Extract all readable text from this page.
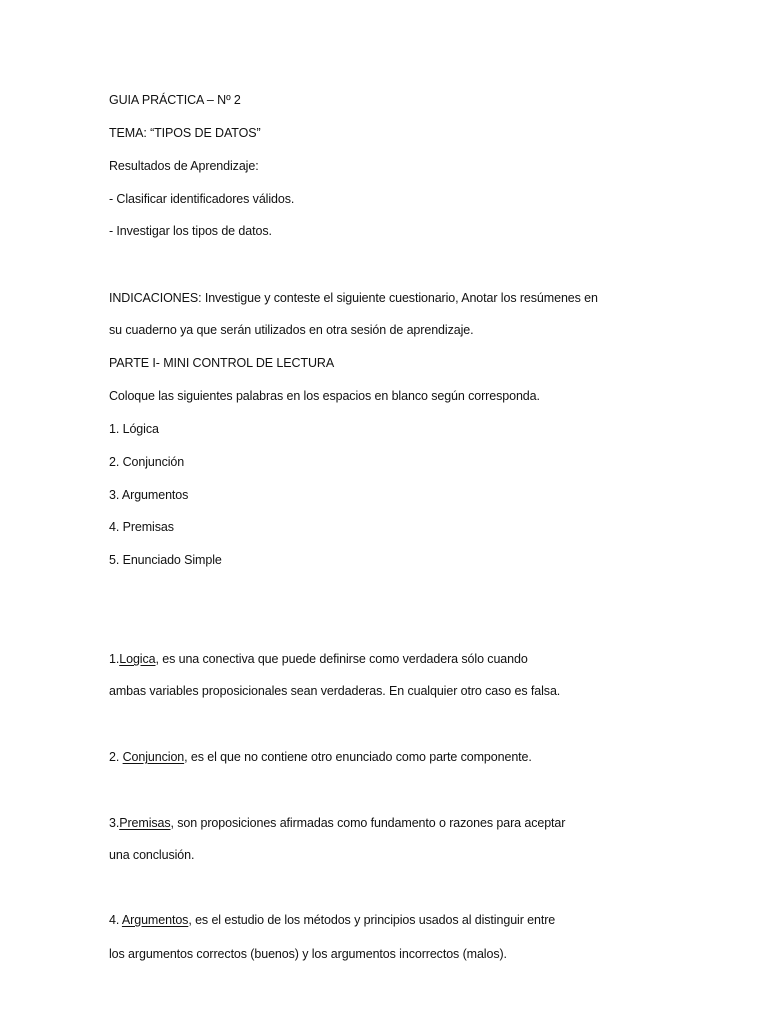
GUIA PRÁCTICA – Nº 2
TEMA: “TIPOS DE DATOS”
Resultados de Aprendizaje:
- Clasificar identificadores válidos.
- Investigar los tipos de datos.
INDICACIONES: Investigue y conteste el siguiente cuestionario, Anotar los resúmenes en
su cuaderno ya que serán utilizados en otra sesión de aprendizaje.
PARTE I- MINI CONTROL DE LECTURA
Coloque las siguientes palabras en los espacios en blanco según corresponda.
1. Lógica
2. Conjunción
3. Argumentos
4. Premisas
5. Enunciado Simple
1.Logica, es una conectiva que puede definirse como verdadera sólo cuando
ambas variables proposicionales sean verdaderas. En cualquier otro caso es falsa.
2. Conjuncion, es el que no contiene otro enunciado como parte componente.
3.Premisas, son proposiciones afirmadas como fundamento o razones para aceptar
una conclusión.
4. Argumentos, es el estudio de los métodos y principios usados al distinguir entre
los argumentos correctos (buenos) y los argumentos incorrectos (malos).
